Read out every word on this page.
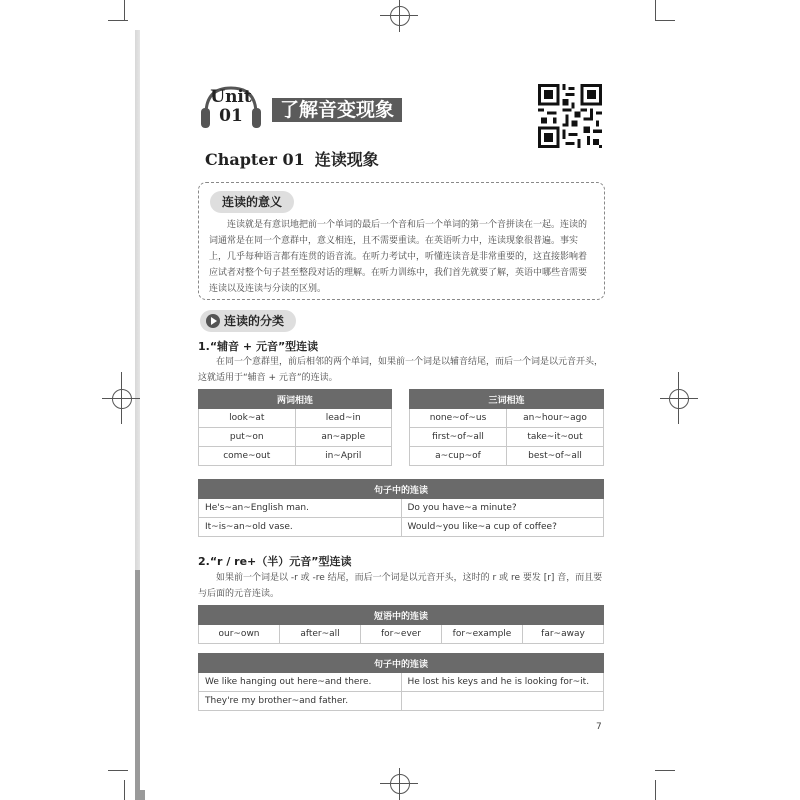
Unit
01	了解音变现象
Chapter 01 连读现象
连读的意义
连读就是有意识地把前一个单词的最后一个音和后一个单词的第一个音拼读在一起。连读的词通常是在同一个意群中，意义相连，且不需要重读。在英语听力中，连读现象很普遍。事实上，几乎每种语言都有连贯的语音流。在听力考试中，听懂连读音是非常重要的，这直接影响着应试者对整个句子甚至整段对话的理解。在听力训练中，我们首先就要了解，英语中哪些音需要连读以及连读与分读的区别。
连读的分类
1.“辅音 + 元音”型连读
在同一个意群里，前后相邻的两个单词，如果前一个词是以辅音结尾，而后一个词是以元音开头，这就适用于“辅音 + 元音”的连读。
两词相连	
look~at	lead~in
put~on	an~apple
come~out	in~April
三词相连	
none~of~us	an~hour~ago
first~of~all	take~it~out
a~cup~of	best~of~all
句子中的连读	
He's~an~English man.	Do you have~a minute?
It~is~an~old vase.	Would~you like~a cup of coffee?
2.“r / re+（半）元音”型连读
如果前一个词是以 -r 或 -re 结尾，而后一个词是以元音开头，这时的 r 或 re 要发 [r] 音，而且要与后面的元音连读。
短语中的连读
our~own	after~all	for~ever	for~example	far~away
句子中的连读	
We like hanging out here~and there.	He lost his keys and he is looking for~it.
They're my brother~and father.	
7
